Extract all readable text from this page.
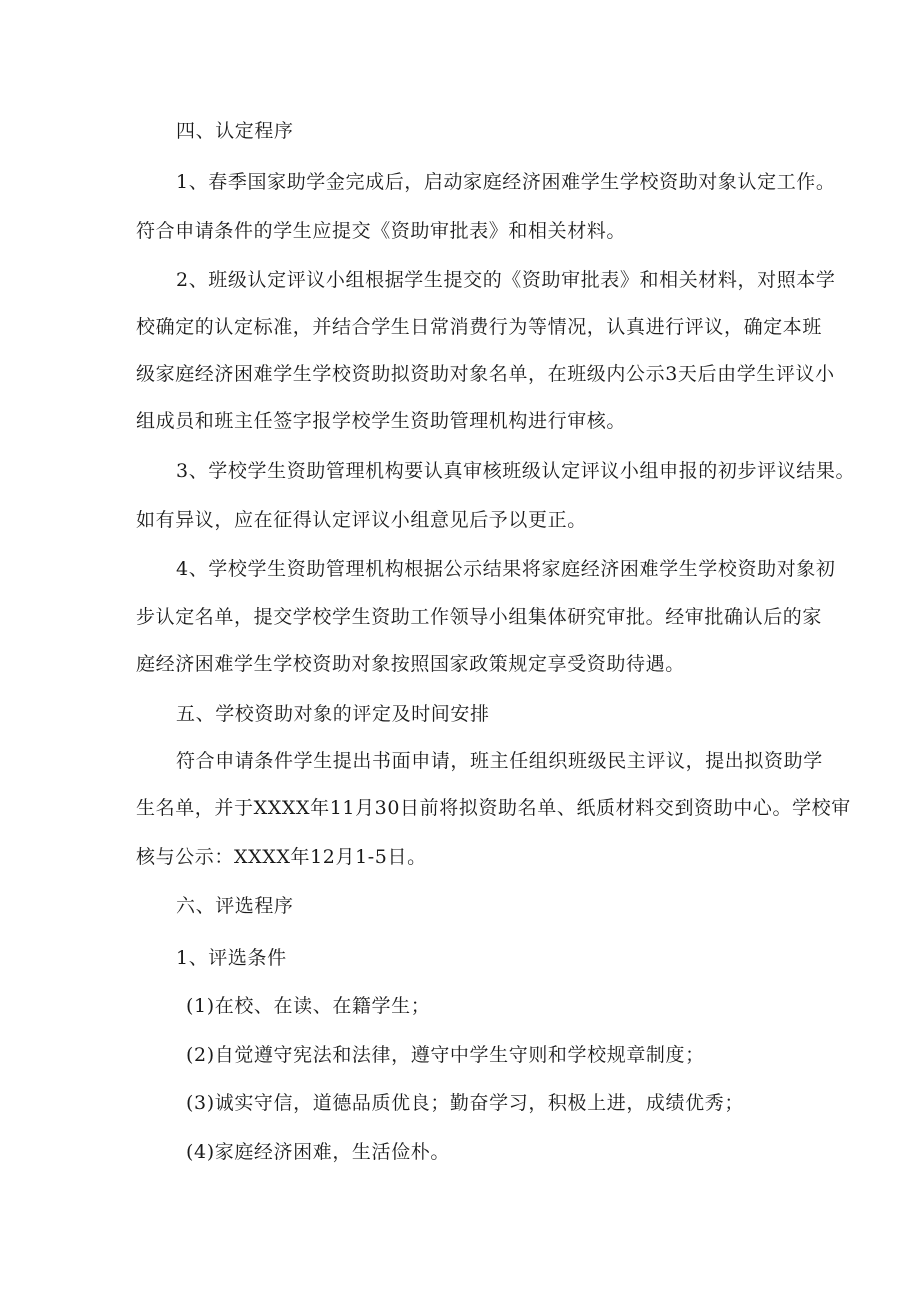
四、认定程序
1、春季国家助学金完成后，启动家庭经济困难学生学校资助对象认定工作。
符合申请条件的学生应提交《资助审批表》和相关材料。
2、班级认定评议小组根据学生提交的《资助审批表》和相关材料，对照本学
校确定的认定标准，并结合学生日常消费行为等情况，认真进行评议，确定本班
级家庭经济困难学生学校资助拟资助对象名单，在班级内公示3天后由学生评议小
组成员和班主任签字报学校学生资助管理机构进行审核。
3、学校学生资助管理机构要认真审核班级认定评议小组申报的初步评议结果。
如有异议，应在征得认定评议小组意见后予以更正。
4、学校学生资助管理机构根据公示结果将家庭经济困难学生学校资助对象初
步认定名单，提交学校学生资助工作领导小组集体研究审批。经审批确认后的家
庭经济困难学生学校资助对象按照国家政策规定享受资助待遇。
五、学校资助对象的评定及时间安排
符合申请条件学生提出书面申请，班主任组织班级民主评议，提出拟资助学
生名单，并于XXXX年11月30日前将拟资助名单、纸质材料交到资助中心。学校审
核与公示：XXXX年12月1-5日。
六、评选程序
1、评选条件
(1)在校、在读、在籍学生；
(2)自觉遵守宪法和法律，遵守中学生守则和学校规章制度；
(3)诚实守信，道德品质优良；勤奋学习，积极上进，成绩优秀；
(4)家庭经济困难，生活俭朴。
